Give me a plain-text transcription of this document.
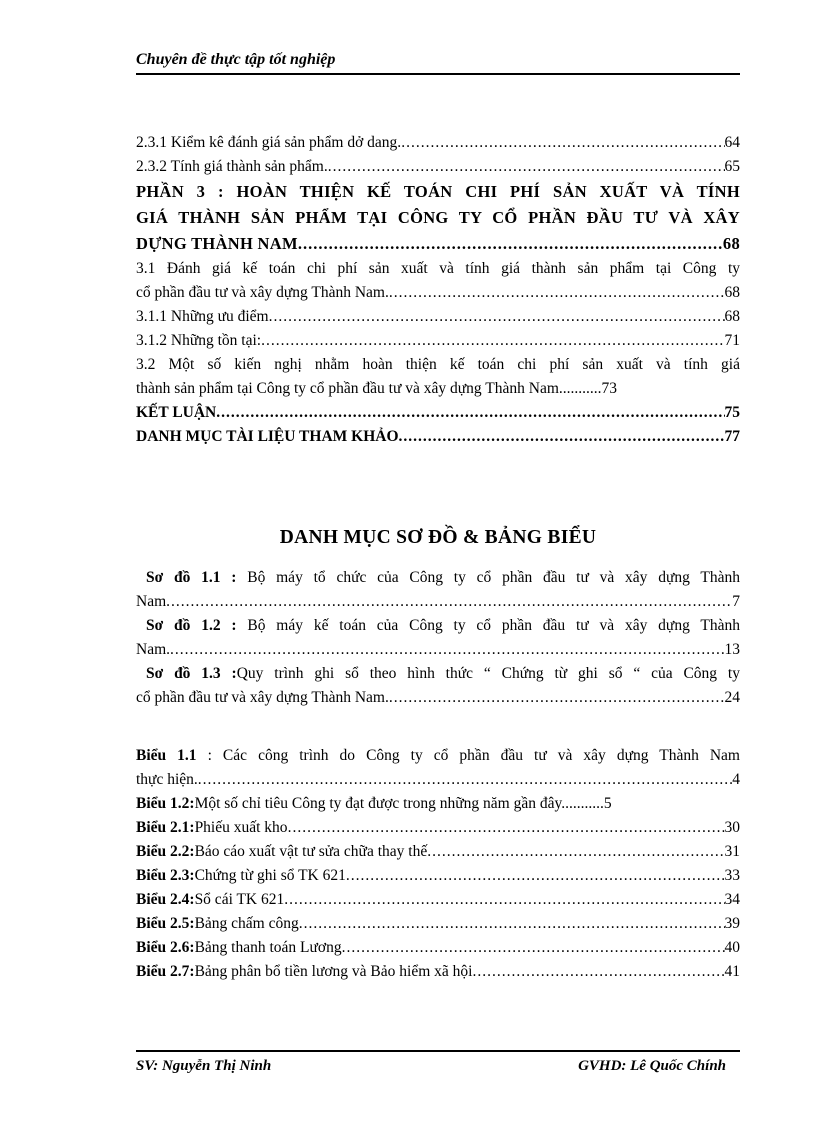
Chuyên đề thực tập tốt nghiệp
2.3.1 Kiểm kê đánh giá sản phẩm dở dang. .....	64
2.3.2 Tính giá thành sản phẩm. .....	65
PHẦN 3 : HOÀN THIỆN KẾ TOÁN CHI PHÍ SẢN XUẤT VÀ TÍNH
GIÁ THÀNH SẢN PHẨM TẠI CÔNG TY CỔ PHẦN ĐẦU TƯ VÀ XÂY
DỰNG THÀNH NAM .....	68
3.1 Đánh giá kế toán chi phí sản xuất và tính giá thành sản phẩm tại Công ty
cổ phần đầu tư và xây dựng Thành Nam. .....	68
3.1.1 Những ưu điểm .....	68
3.1.2 Những tồn tại: .....	71
3.2 Một số kiến nghị nhằm hoàn thiện kế toán chi phí sản xuất và tính giá
thành sản phẩm tại Công ty cổ phần đầu tư và xây dựng Thành Nam. .......... 73
KẾT LUẬN .....	75
DANH MỤC TÀI LIỆU THAM KHẢO .....	77
DANH MỤC SƠ ĐỒ & BẢNG BIỂU
Sơ đồ 1.1 : Bộ máy tổ chức của Công ty cổ phần đầu tư và xây dựng Thành
Nam .....	7
Sơ đồ 1.2 : Bộ máy kế toán của Công ty cổ phần đầu tư và xây dựng Thành
Nam. .....	13
Sơ đồ 1.3 :Quy trình ghi sổ theo hình thức “ Chứng từ ghi sổ “ của Công ty
cổ phần đầu tư và xây dựng Thành Nam. .....	24
Biểu 1.1 : Các công trình do Công ty cổ phần đầu tư và xây dựng Thành Nam
thực hiện. .....	4
Biểu 1.2: Một số chỉ tiêu Công ty đạt được trong những năm gần đây. .......... 5
Biểu 2.1: Phiếu xuất kho .....	30
Biểu 2.2: Báo cáo xuất vật tư sửa chữa thay thế .....	31
Biểu 2.3: Chứng từ ghi sổ TK 621 .....	33
Biểu 2.4: Sổ cái TK 621 .....	34
Biểu 2.5: Bảng chấm công .....	39
Biểu 2.6: Bảng thanh toán Lương .....	40
Biểu 2.7: Bảng phân bổ tiền lương và Bảo hiểm xã hội .....	41
SV: Nguyễn Thị Ninh	GVHD: Lê Quốc Chính
